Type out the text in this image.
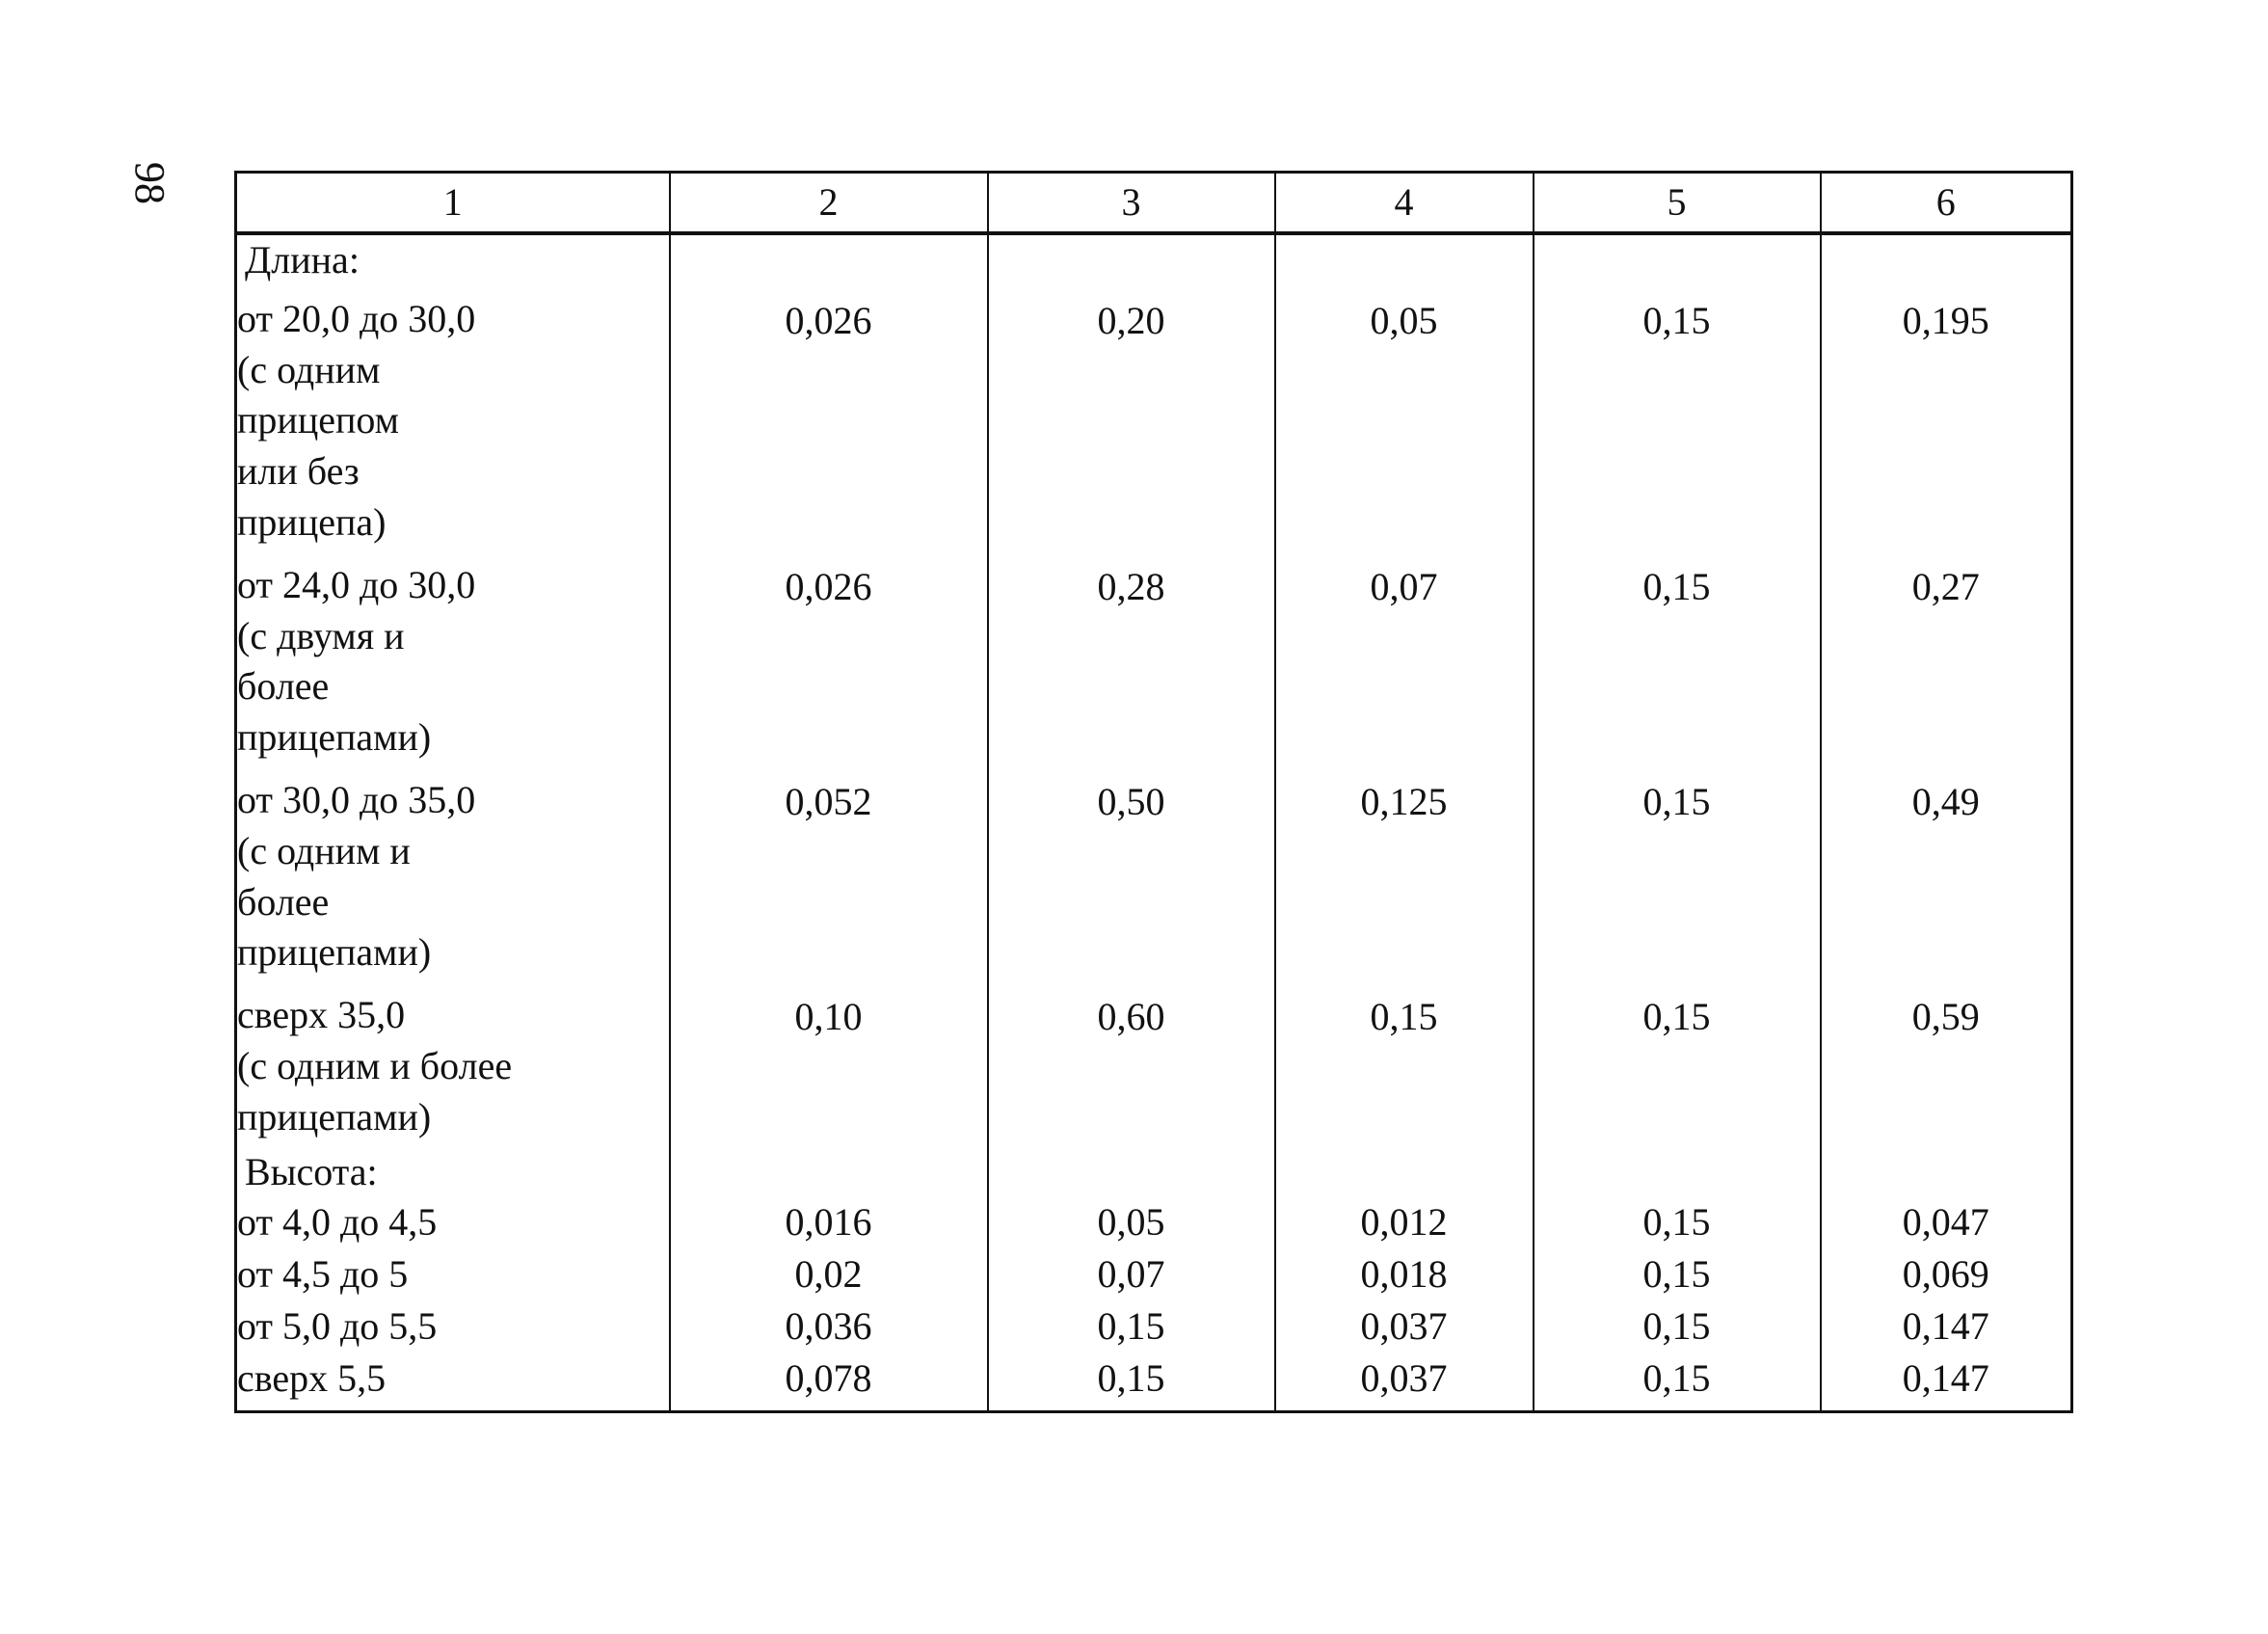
98	1	2	3	4	5	6

Длина:					

от 20,0 до 30,0
(с одним
прицепом
или без
прицепа)	0,026	0,20	0,05	0,15	0,195

от 24,0 до 30,0
(с двумя и
более
прицепами)	0,026	0,28	0,07	0,15	0,27

от 30,0 до 35,0
(с одним и
более
прицепами)	0,052	0,50	0,125	0,15	0,49

сверх 35,0
(с одним и более
прицепами)	0,10	0,60	0,15	0,15	0,59

Высота:					

от 4,0 до 4,5	0,016	0,05	0,012	0,15	0,047
от 4,5 до 5	0,02	0,07	0,018	0,15	0,069
от 5,0 до 5,5	0,036	0,15	0,037	0,15	0,147
сверх 5,5	0,078	0,15	0,037	0,15	0,147
